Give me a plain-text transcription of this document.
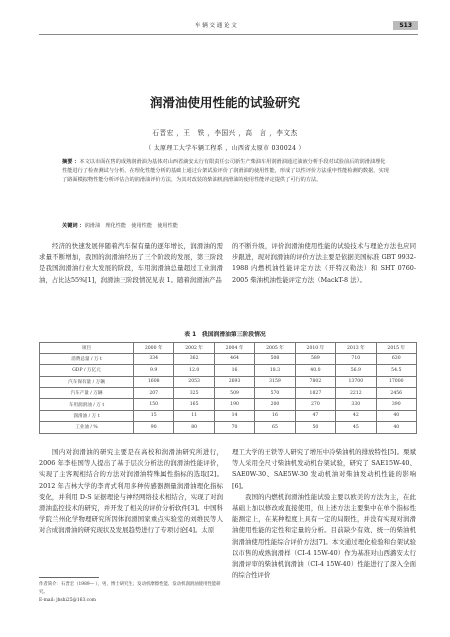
车 辆 交 通 论 文	S13
润滑油使用性能的试验研究
石晋宏 ，王　铁 ，李国兴 ，高　言 ，李文杰
（ 太原理工大学车辆工程系 ，山西省太原市 030024 ）
摘要 ：本文以市面在售的成熟润滑油为基体对山西省滴安太行有限责任公司新生产柴油车用润滑油通过油液分析手段对试验前后的润滑油理化性能进行了检查测试与分析，在理化性能分析的基础上通过台架试验评价了润滑油的使用性能，形成了以性评价方法重申性能检测的数据，实现了路面模拟物性能分析评估合的润滑油评价方法，为其对改装的柴油机润滑油的使用性能评定提供了可行的方法。
关键词 ：润滑油　理化性能　使用性能　使用性能

经济的快速发展伴随着汽车保有量的逐年增长，润滑油的需求量不断增加，我国的润滑油经历了三个阶段的发展，第三阶段是我国润滑油行业大发展的阶段，车用润滑油总量超过工业润滑油，占比达55%[1]，润滑油三阶段情况见表 1。随着润滑油产品

的不断升级，评价润滑油使用性能的试验技术与理论方法也应同步跟进，现对润滑油的评价方法主要是依据美国标准 GBT 9932-1988 内燃机油性能评定方法（开特汉勒法）和 SHT 0760-2005 柴油机油性能评定方法（MackT-8 法）。

表 1　我国润滑油第三阶段情况
项目	2000 年	2002 年	2004 年	2005 年	2010 年	2013 年	2015 年
消费总量 / 万 t	334	362	464	508	589	710	630
GDP / 万亿元	9.9	12.0	16	18.3	40.0	56.9	54.5
汽车保有量 / 万辆	1608	2053	2693	3159	7802	13700	17000
汽车产量 / 万辆	207	325	509	570	1827	2212	2456
车用润滑油 / 万 t	150	165	190	200	270	330	390
润滑油 / 万 t	15	11	14	16	47	42	40
工业油 / %	90	80	70	65	50	45	40

国内对润滑油的研究主要是在高校和润滑油研究所进行，2006 年李桂国等人提出了基于层次分析法的润滑油性能评价，实现了主客观相结合的方法对润滑油特殊属性指标的选取[2]。2012 年吉林大学的李青式利用多种传感器测量润滑油理化指标变化，并利用 D-S 证据理论与神经网络技术相结合，实现了对润滑油监控技术的研究，并开发了相关的评价分析软件[3]。中国科学院兰州化学物理研究所因体润滑国家重点实验室的刘维民等人对合成润滑油的研究现状及发展趋势进行了专项讨论[4]。太原

理工大学的王铁等人研究了增压中冷柴油机的排放特性[5]。栗斌等人采用全尺寸柴油机发动机台架试验，研究了 SAE15W-40、SAE0W-30、SAE5W-30 发动机油对柴油发动机性能的影响[6]。

我国的内燃机润滑油性能试验主要以欧美的方法为主，在此基础上加以修改或直接使用，但上述方法主要集中在单个指标性能测定上，在某种程度上具有一定的局限性，并没有实现对润滑油使用性能的定性和定量的分析。目前缺少有效、统一的柴油机润滑油使用性能综合评价方法[7]。本文通过理化检验和台架试验以市售的成熟润滑样（CI-4 15W-40）作为基准对山西潞安太行润滑评审的柴油机润滑油（CI-4 15W-40）性能进行了深入全面的综合性评价

作者简介：石晋宏（1989— ），男，博士研究生；发动机摩擦性能、发动机润滑油使用性能研究。
E-mail: jhshi25@163.com
